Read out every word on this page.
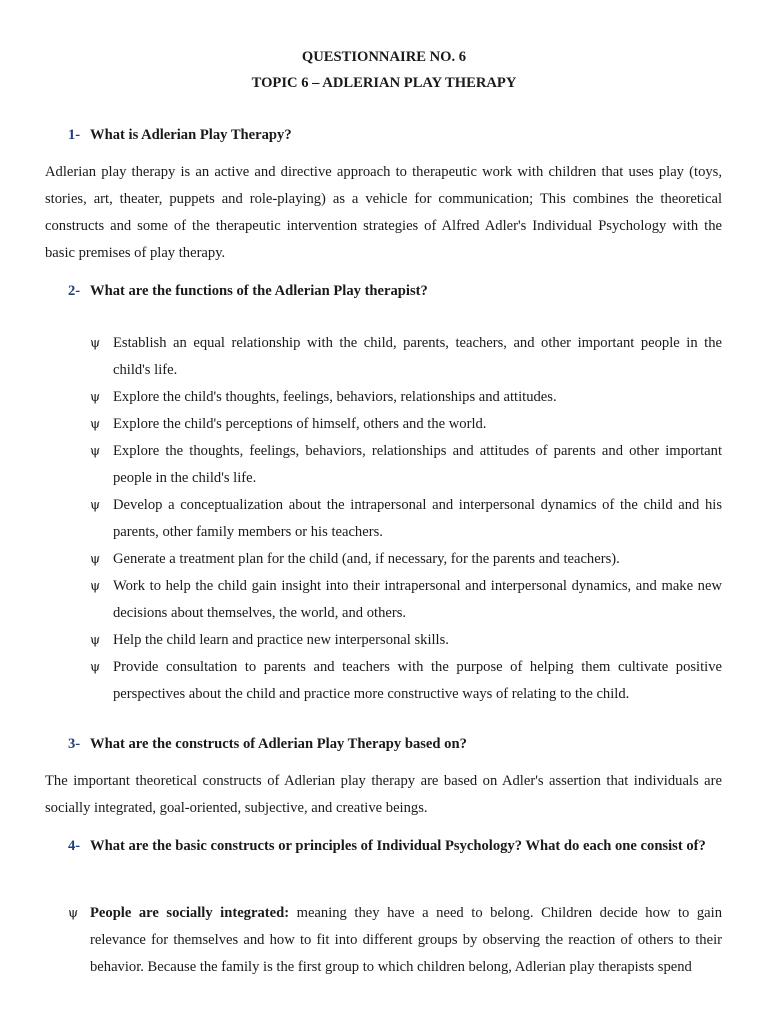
QUESTIONNAIRE NO. 6
TOPIC 6 – ADLERIAN PLAY THERAPY
1- What is Adlerian Play Therapy?

Adlerian play therapy is an active and directive approach to therapeutic work with children that uses play (toys, stories, art, theater, puppets and role-playing) as a vehicle for communication; This combines the theoretical constructs and some of the therapeutic intervention strategies of Alfred Adler's Individual Psychology with the basic premises of play therapy.

2- What are the functions of the Adlerian Play therapist?
ψ Establish an equal relationship with the child, parents, teachers, and other important people in the child's life.
ψ Explore the child's thoughts, feelings, behaviors, relationships and attitudes.
ψ Explore the child's perceptions of himself, others and the world.
ψ Explore the thoughts, feelings, behaviors, relationships and attitudes of parents and other important people in the child's life.
ψ Develop a conceptualization about the intrapersonal and interpersonal dynamics of the child and his parents, other family members or his teachers.
ψ Generate a treatment plan for the child (and, if necessary, for the parents and teachers).
ψ Work to help the child gain insight into their intrapersonal and interpersonal dynamics, and make new decisions about themselves, the world, and others.
ψ Help the child learn and practice new interpersonal skills.
ψ Provide consultation to parents and teachers with the purpose of helping them cultivate positive perspectives about the child and practice more constructive ways of relating to the child.
3- What are the constructs of Adlerian Play Therapy based on?

The important theoretical constructs of Adlerian play therapy are based on Adler's assertion that individuals are socially integrated, goal-oriented, subjective, and creative beings.

4- What are the basic constructs or principles of Individual Psychology? What do each one consist of?
ψ People are socially integrated: meaning they have a need to belong. Children decide how to gain relevance for themselves and how to fit into different groups by observing the reaction of others to their behavior. Because the family is the first group to which children belong, Adlerian play therapists spend
